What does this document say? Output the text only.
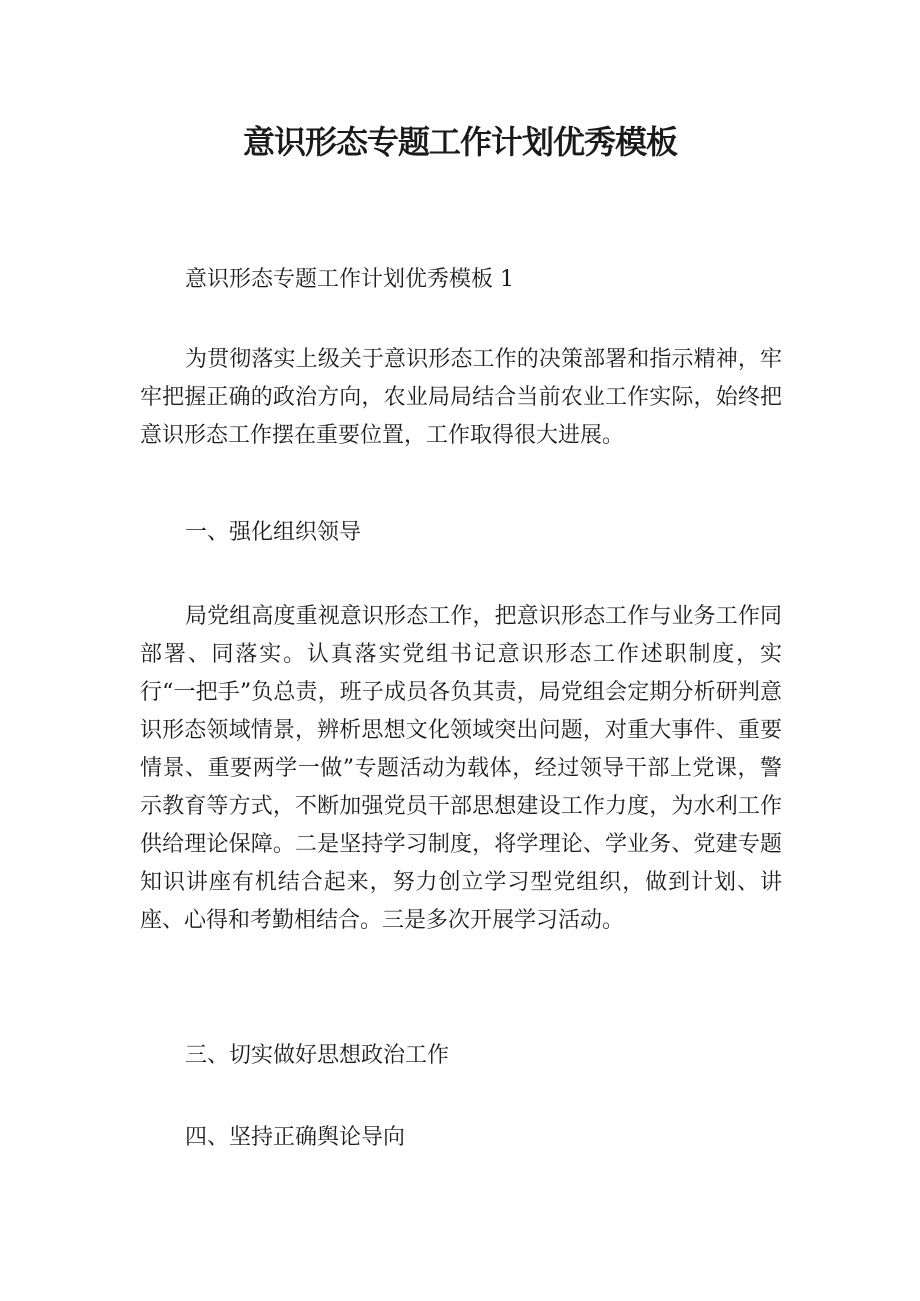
意识形态专题工作计划优秀模板

意识形态专题工作计划优秀模板 1

为贯彻落实上级关于意识形态工作的决策部署和指示精神，牢牢把握正确的政治方向，农业局局结合当前农业工作实际，始终把意识形态工作摆在重要位置，工作取得很大进展。

一、强化组织领导

局党组高度重视意识形态工作，把意识形态工作与业务工作同部署、同落实。认真落实党组书记意识形态工作述职制度，实行“一把手”负总责，班子成员各负其责，局党组会定期分析研判意识形态领域情景，辨析思想文化领域突出问题，对重大事件、重要情景、重要两学一做”专题活动为载体，经过领导干部上党课，警示教育等方式，不断加强党员干部思想建设工作力度，为水利工作供给理论保障。二是坚持学习制度，将学理论、学业务、党建专题知识讲座有机结合起来，努力创立学习型党组织，做到计划、讲座、心得和考勤相结合。三是多次开展学习活动。

三、切实做好思想政治工作

四、坚持正确舆论导向
